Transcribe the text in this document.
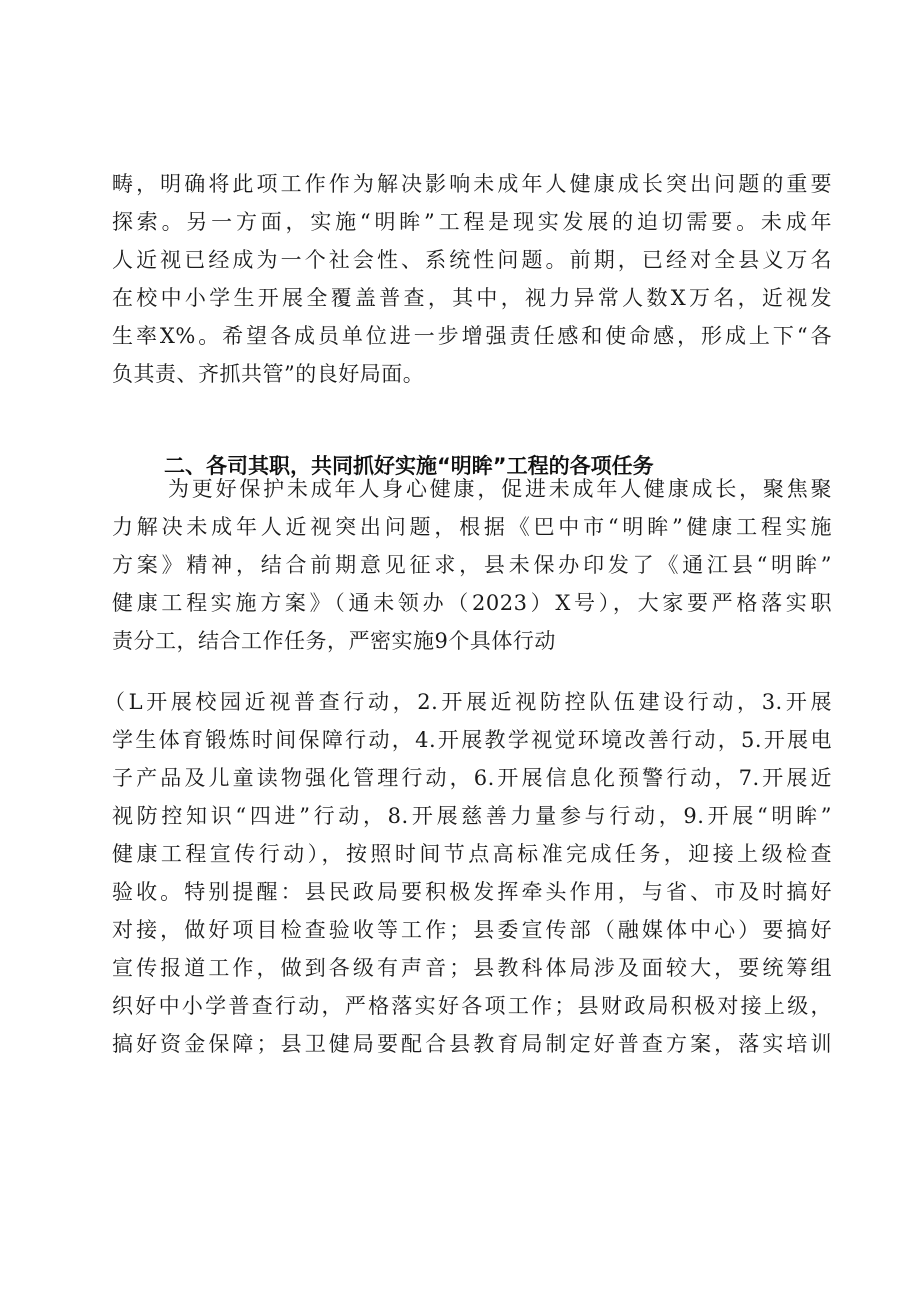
畴，明确将此项工作作为解决影响未成年人健康成长突出问题的重要
探索。另一方面，实施“明眸”工程是现实发展的迫切需要。未成年
人近视已经成为一个社会性、系统性问题。前期，已经对全县义万名
在校中小学生开展全覆盖普查，其中，视力异常人数X万名，近视发
生率X%。希望各成员单位进一步增强责任感和使命感，形成上下“各
负其责、齐抓共管”的良好局面。
二、各司其职，共同抓好实施“明眸”工程的各项任务
为更好保护未成年人身心健康，促进未成年人健康成长，聚焦聚
力解决未成年人近视突出问题，根据《巴中市“明眸”健康工程实施
方案》精神，结合前期意见征求，县未保办印发了《通江县“明眸”
健康工程实施方案》（通未领办（2023）X号），大家要严格落实职
责分工，结合工作任务，严密实施9个具体行动
（L开展校园近视普查行动，2.开展近视防控队伍建设行动，3.开展
学生体育锻炼时间保障行动，4.开展教学视觉环境改善行动，5.开展电
子产品及儿童读物强化管理行动，6.开展信息化预警行动，7.开展近
视防控知识“四进”行动，8.开展慈善力量参与行动，9.开展“明眸”
健康工程宣传行动），按照时间节点高标准完成任务，迎接上级检查
验收。特别提醒：县民政局要积极发挥牵头作用，与省、市及时搞好
对接，做好项目检查验收等工作；县委宣传部（融媒体中心）要搞好
宣传报道工作，做到各级有声音；县教科体局涉及面较大，要统筹组
织好中小学普查行动，严格落实好各项工作；县财政局积极对接上级，
搞好资金保障；县卫健局要配合县教育局制定好普查方案，落实培训
